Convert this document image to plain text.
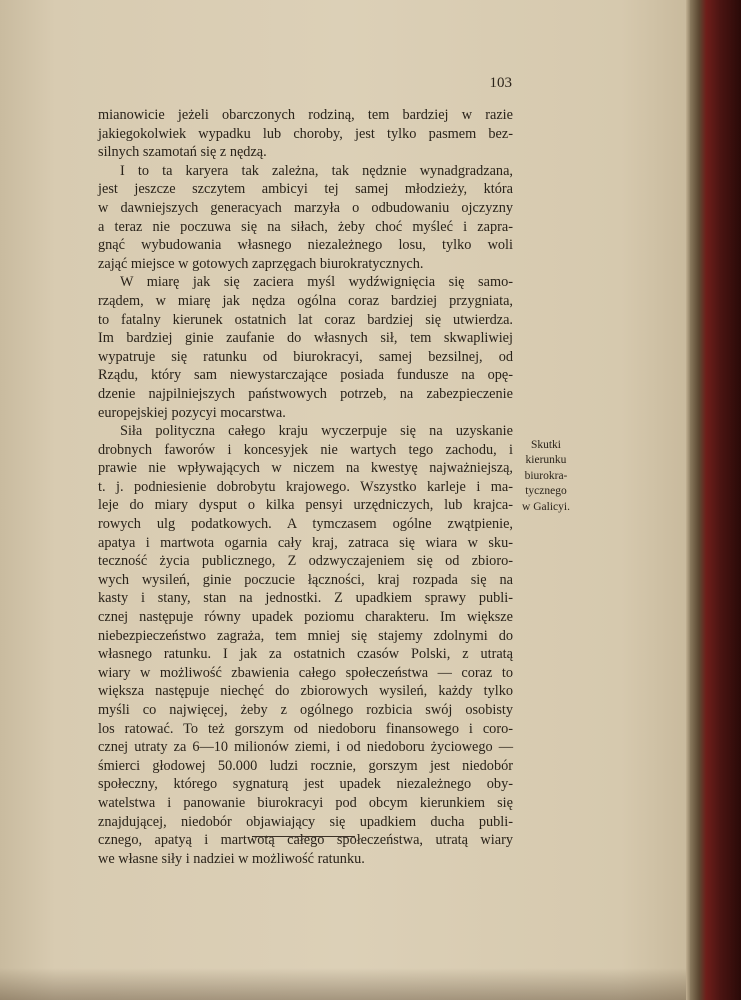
103

mianowicie jeżeli obarczonych rodziną, tem bardziej w razie
jakiegokolwiek wypadku lub choroby, jest tylko pasmem bez-
silnych szamotań się z nędzą.
I to ta karyera tak zależna, tak nędznie wynadgradzana,
jest jeszcze szczytem ambicyi tej samej młodzieży, która
w dawniejszych generacyach marzyła o odbudowaniu ojczyzny
a teraz nie poczuwa się na siłach, żeby choć myśleć i zapra-
gnąć wybudowania własnego niezależnego losu, tylko woli
zająć miejsce w gotowych zaprzęgach biurokratycznych.
W miarę jak się zaciera myśl wydźwignięcia się samo-
rządem, w miarę jak nędza ogólna coraz bardziej przygniata,
to fatalny kierunek ostatnich lat coraz bardziej się utwierdza.
Im bardziej ginie zaufanie do własnych sił, tem skwapliwiej
wypatruje się ratunku od biurokracyi, samej bezsilnej, od
Rządu, który sam niewystarczające posiada fundusze na opę-
dzenie najpilniejszych państwowych potrzeb, na zabezpieczenie
europejskiej pozycyi mocarstwa.
Siła polityczna całego kraju wyczerpuje się na uzyskanie
drobnych faworów i koncesyjek nie wartych tego zachodu, i
prawie nie wpływających w niczem na kwestyę najważniejszą,
t. j. podniesienie dobrobytu krajowego. Wszystko karleje i ma-
leje do miary dysput o kilka pensyi urzędniczych, lub krajca-
rowych ulg podatkowych. A tymczasem ogólne zwątpienie,
apatya i martwota ogarnia cały kraj, zatraca się wiara w sku-
teczność życia publicznego, Z odzwyczajeniem się od zbioro-
wych wysileń, ginie poczucie łączności, kraj rozpada się na
kasty i stany, stan na jednostki. Z upadkiem sprawy publi-
cznej następuje równy upadek poziomu charakteru. Im większe
niebezpieczeństwo zagraża, tem mniej się stajemy zdolnymi do
własnego ratunku. I jak za ostatnich czasów Polski, z utratą
wiary w możliwość zbawienia całego społeczeństwa — coraz to
większa następuje niechęć do zbiorowych wysileń, każdy tylko
myśli co najwięcej, żeby z ogólnego rozbicia swój osobisty
los ratować. To też gorszym od niedoboru finansowego i coro-
cznej utraty za 6—10 milionów ziemi, i od niedoboru życiowego —
śmierci głodowej 50.000 ludzi rocznie, gorszym jest niedobór
społeczny, którego sygnaturą jest upadek niezależnego oby-
watelstwa i panowanie biurokracyi pod obcym kierunkiem się
znajdującej, niedobór objawiający się upadkiem ducha publi-
cznego, apatyą i martwotą całego społeczeństwa, utratą wiary
we własne siły i nadziei w możliwość ratunku.
Skutki
kierunku
biurokra-
tycznego
w Galicyi.
